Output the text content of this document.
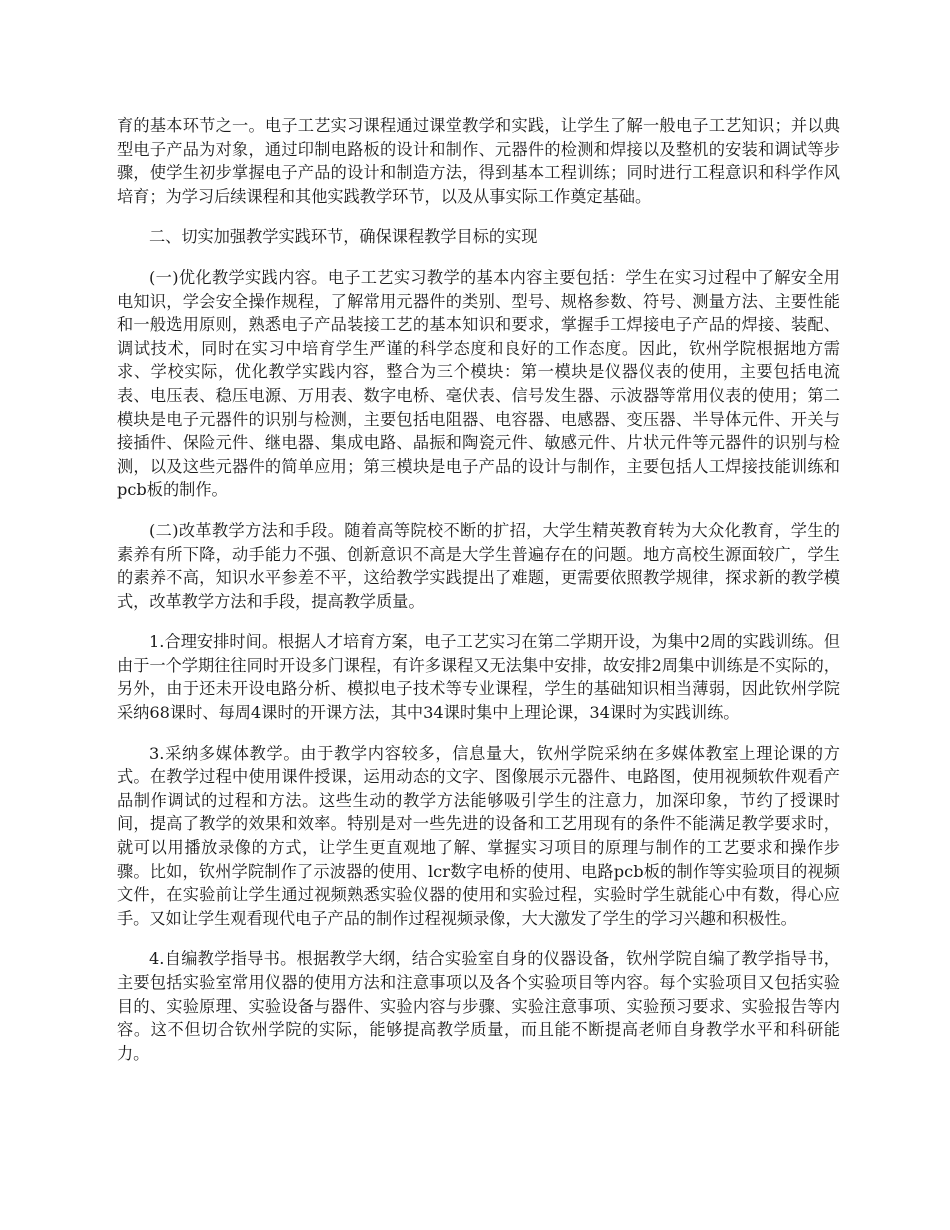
育的基本环节之一。电子工艺实习课程通过课堂教学和实践，让学生了解一般电子工艺知识；并以典型电子产品为对象，通过印制电路板的设计和制作、元器件的检测和焊接以及整机的安装和调试等步骤，使学生初步掌握电子产品的设计和制造方法，得到基本工程训练；同时进行工程意识和科学作风培育；为学习后续课程和其他实践教学环节，以及从事实际工作奠定基础。

二、切实加强教学实践环节，确保课程教学目标的实现

(一)优化教学实践内容。电子工艺实习教学的基本内容主要包括：学生在实习过程中了解安全用电知识，学会安全操作规程，了解常用元器件的类别、型号、规格参数、符号、测量方法、主要性能和一般选用原则，熟悉电子产品装接工艺的基本知识和要求，掌握手工焊接电子产品的焊接、装配、调试技术，同时在实习中培育学生严谨的科学态度和良好的工作态度。因此，钦州学院根据地方需求、学校实际，优化教学实践内容，整合为三个模块：第一模块是仪器仪表的使用，主要包括电流表、电压表、稳压电源、万用表、数字电桥、毫伏表、信号发生器、示波器等常用仪表的使用；第二模块是电子元器件的识别与检测，主要包括电阻器、电容器、电感器、变压器、半导体元件、开关与接插件、保险元件、继电器、集成电路、晶振和陶瓷元件、敏感元件、片状元件等元器件的识别与检测，以及这些元器件的简单应用；第三模块是电子产品的设计与制作，主要包括人工焊接技能训练和pcb板的制作。

(二)改革教学方法和手段。随着高等院校不断的扩招，大学生精英教育转为大众化教育，学生的素养有所下降，动手能力不强、创新意识不高是大学生普遍存在的问题。地方高校生源面较广，学生的素养不高，知识水平参差不平，这给教学实践提出了难题，更需要依照教学规律，探求新的教学模式，改革教学方法和手段，提高教学质量。

1.合理安排时间。根据人才培育方案，电子工艺实习在第二学期开设，为集中2周的实践训练。但由于一个学期往往同时开设多门课程，有许多课程又无法集中安排，故安排2周集中训练是不实际的，另外，由于还未开设电路分析、模拟电子技术等专业课程，学生的基础知识相当薄弱，因此钦州学院采纳68课时、每周4课时的开课方法，其中34课时集中上理论课，34课时为实践训练。

3.采纳多媒体教学。由于教学内容较多，信息量大，钦州学院采纳在多媒体教室上理论课的方式。在教学过程中使用课件授课，运用动态的文字、图像展示元器件、电路图，使用视频软件观看产品制作调试的过程和方法。这些生动的教学方法能够吸引学生的注意力，加深印象，节约了授课时间，提高了教学的效果和效率。特别是对一些先进的设备和工艺用现有的条件不能满足教学要求时，就可以用播放录像的方式，让学生更直观地了解、掌握实习项目的原理与制作的工艺要求和操作步骤。比如，钦州学院制作了示波器的使用、lcr数字电桥的使用、电路pcb板的制作等实验项目的视频文件，在实验前让学生通过视频熟悉实验仪器的使用和实验过程，实验时学生就能心中有数，得心应手。又如让学生观看现代电子产品的制作过程视频录像，大大激发了学生的学习兴趣和积极性。

4.自编教学指导书。根据教学大纲，结合实验室自身的仪器设备，钦州学院自编了教学指导书，主要包括实验室常用仪器的使用方法和注意事项以及各个实验项目等内容。每个实验项目又包括实验目的、实验原理、实验设备与器件、实验内容与步骤、实验注意事项、实验预习要求、实验报告等内容。这不但切合钦州学院的实际，能够提高教学质量，而且能不断提高老师自身教学水平和科研能力。
